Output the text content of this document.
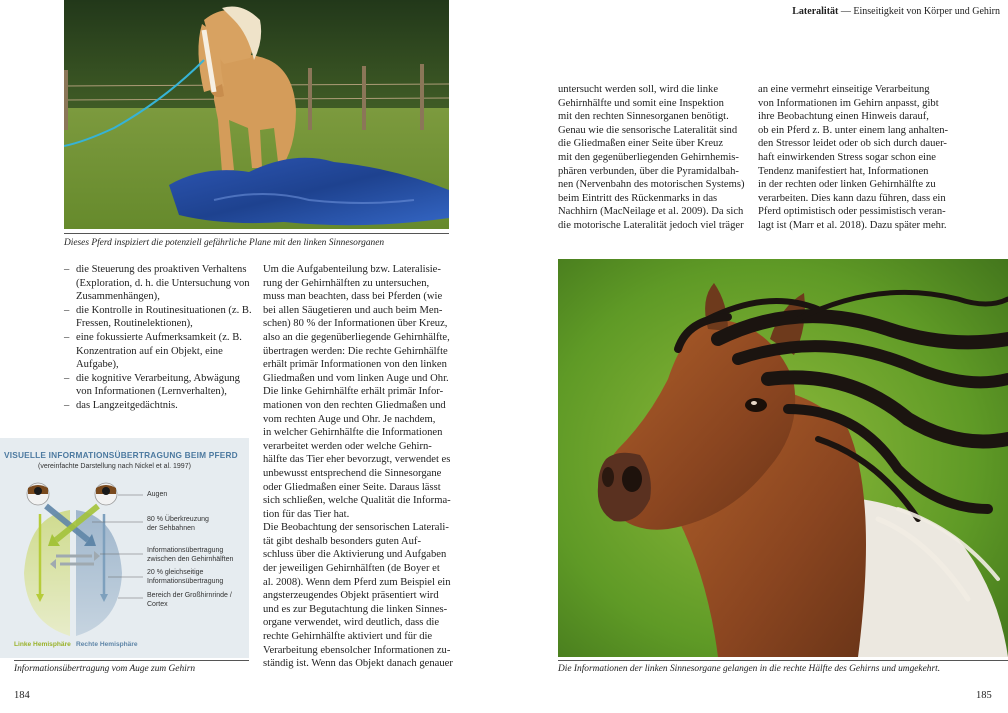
Lateralität — Einseitigkeit von Körper und Gehirn
Dieses Pferd inspiziert die potenziell gefährliche Plane mit den linken Sinnesorganen
– die Steuerung des proaktiven Verhaltens (Exploration, d. h. die Untersuchung von Zusammenhängen),
– die Kontrolle in Routinesituationen (z. B. Fressen, Routinelektionen),
– eine fokussierte Aufmerksamkeit (z. B. Konzentration auf ein Objekt, eine Aufgabe),
– die kognitive Verarbeitung, Abwägung von Informationen (Lernverhalten),
– das Langzeitgedächtnis.
VISUELLE INFORMATIONSÜBERTRAGUNG BEIM PFERD
(vereinfachte Darstellung nach Nickel et al. 1997)
Augen
80 % Überkreuzung
der Sehbahnen
Informationsübertragung
zwischen den Gehirnhälften
20 % gleichseitige
Informationsübertragung
Bereich der Großhirnrinde /
Cortex
Linke Hemisphäre Rechte Hemisphäre
Informationsübertragung vom Auge zum Gehirn
Um die Aufgabenteilung bzw. Lateralisie-
rung der Gehirnhälften zu untersuchen,
muss man beachten, dass bei Pferden (wie
bei allen Säugetieren und auch beim Men-
schen) 80 % der Informationen über Kreuz,
also an die gegenüberliegende Gehirnhälfte,
übertragen werden: Die rechte Gehirnhälfte
erhält primär Informationen von den linken
Gliedmaßen und vom linken Auge und Ohr.
Die linke Gehirnhälfte erhält primär Infor-
mationen von den rechten Gliedmaßen und
vom rechten Auge und Ohr. Je nachdem,
in welcher Gehirnhälfte die Informationen
verarbeitet werden oder welche Gehirn-
hälfte das Tier eher bevorzugt, verwendet es
unbewusst entsprechend die Sinnesorgane
oder Gliedmaßen einer Seite. Daraus lässt
sich schließen, welche Qualität die Informa-
tion für das Tier hat.
Die Beobachtung der sensorischen Laterali-
tät gibt deshalb besonders guten Auf-
schluss über die Aktivierung und Aufgaben
der jeweiligen Gehirnhälften (de Boyer et
al. 2008). Wenn dem Pferd zum Beispiel ein
angsterzeugendes Objekt präsentiert wird
und es zur Begutachtung die linken Sinnes-
organe verwendet, wird deutlich, dass die
rechte Gehirnhälfte aktiviert und für die
Verarbeitung ebensolcher Informationen zu-
ständig ist. Wenn das Objekt danach genauer
untersucht werden soll, wird die linke
Gehirnhälfte und somit eine Inspektion
mit den rechten Sinnesorganen benötigt.
Genau wie die sensorische Lateralität sind
die Gliedmaßen einer Seite über Kreuz
mit den gegenüberliegenden Gehirnhemis-
phären verbunden, über die Pyramidalbah-
nen (Nervenbahn des motorischen Systems)
beim Eintritt des Rückenmarks in das
Nachhirn (MacNeilage et al. 2009). Da sich
die motorische Lateralität jedoch viel träger
an eine vermehrt einseitige Verarbeitung
von Informationen im Gehirn anpasst, gibt
ihre Beobachtung einen Hinweis darauf,
ob ein Pferd z. B. unter einem lang anhalten-
den Stressor leidet oder ob sich durch dauer-
haft einwirkenden Stress sogar schon eine
Tendenz manifestiert hat, Informationen
in der rechten oder linken Gehirnhälfte zu
verarbeiten. Dies kann dazu führen, dass ein
Pferd optimistisch oder pessimistisch veran-
lagt ist (Marr et al. 2018). Dazu später mehr.
Die Informationen der linken Sinnesorgane gelangen in die rechte Hälfte des Gehirns und umgekehrt.
184	185
